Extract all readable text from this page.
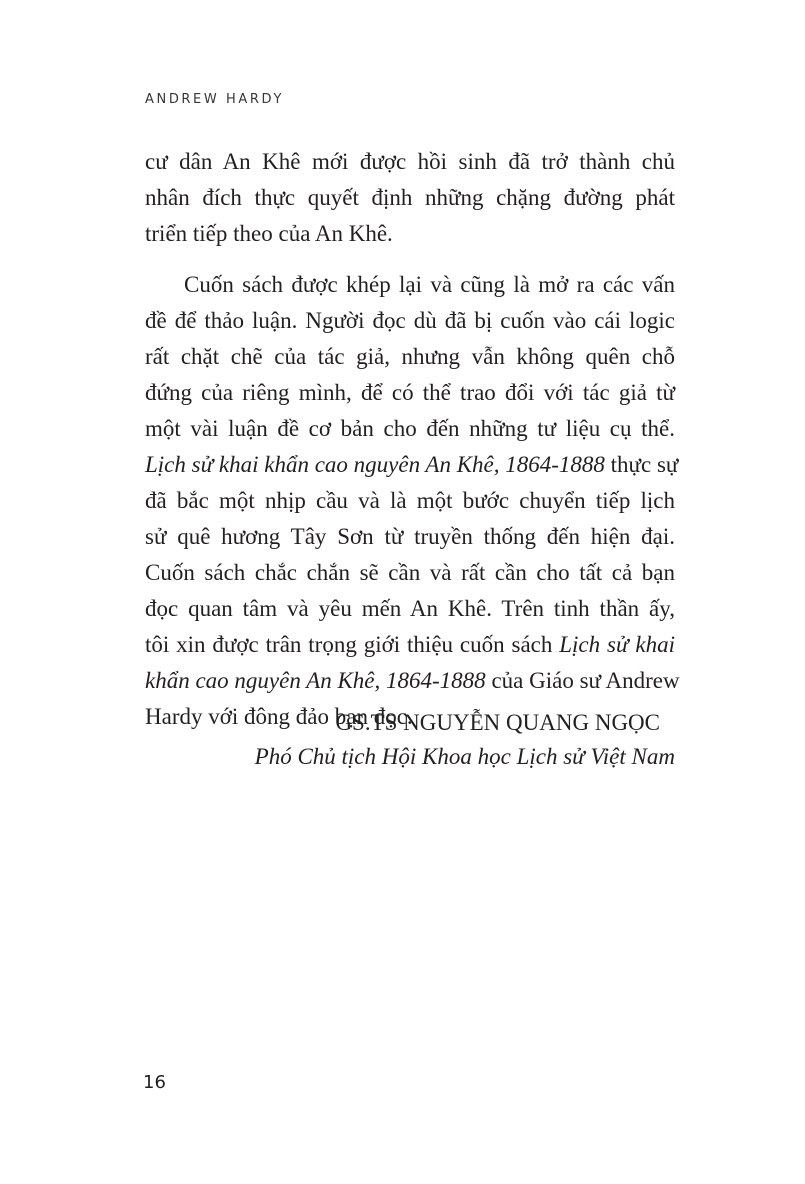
ANDREW HARDY
cư dân An Khê mới được hồi sinh đã trở thành chủ
nhân đích thực quyết định những chặng đường phát
triển tiếp theo của An Khê.
Cuốn sách được khép lại và cũng là mở ra các vấn
đề để thảo luận. Người đọc dù đã bị cuốn vào cái logic
rất chặt chẽ của tác giả, nhưng vẫn không quên chỗ
đứng của riêng mình, để có thể trao đổi với tác giả từ
một vài luận đề cơ bản cho đến những tư liệu cụ thể.
Lịch sử khai khẩn cao nguyên An Khê, 1864-1888 thực sự
đã bắc một nhịp cầu và là một bước chuyển tiếp lịch
sử quê hương Tây Sơn từ truyền thống đến hiện đại.
Cuốn sách chắc chắn sẽ cần và rất cần cho tất cả bạn
đọc quan tâm và yêu mến An Khê. Trên tinh thần ấy,
tôi xin được trân trọng giới thiệu cuốn sách Lịch sử khai
khẩn cao nguyên An Khê, 1864-1888 của Giáo sư Andrew
Hardy với đông đảo bạn đọc.
GS.TS NGUYỄN QUANG NGỌC
Phó Chủ tịch Hội Khoa học Lịch sử Việt Nam
16
